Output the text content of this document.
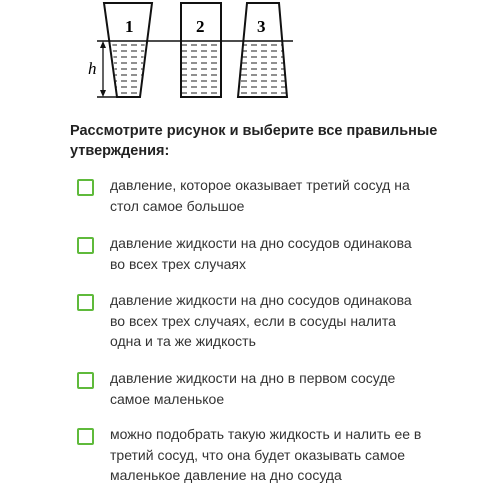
h
1	2	3
Рассмотрите рисунок и выберите все правильные утверждения:
давление, которое оказывает третий сосуд на стол самое большое
давление жидкости на дно сосудов одинакова во всех трех случаях
давление жидкости на дно сосудов одинакова во всех трех случаях, если в сосуды налита одна и та же жидкость
давление жидкости на дно в первом сосуде самое маленькое
можно подобрать такую жидкость и налить ее в третий сосуд, что она будет оказывать самое маленькое давление на дно сосуда
